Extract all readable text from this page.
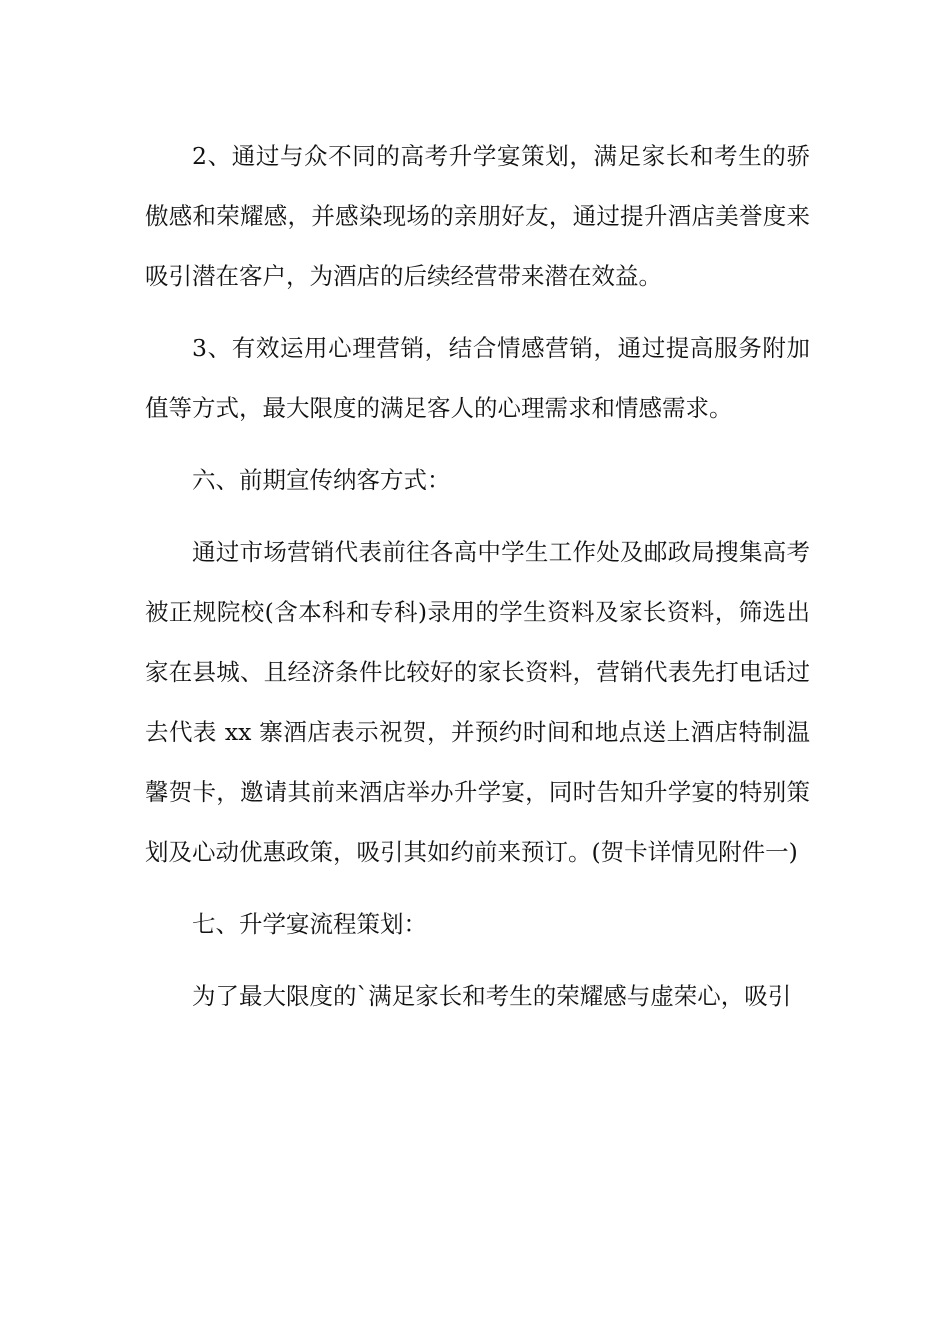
2、通过与众不同的高考升学宴策划，满足家长和考生的骄傲感和荣耀感，并感染现场的亲朋好友，通过提升酒店美誉度来吸引潜在客户，为酒店的后续经营带来潜在效益。

3、有效运用心理营销，结合情感营销，通过提高服务附加值等方式，最大限度的满足客人的心理需求和情感需求。

六、前期宣传纳客方式：

通过市场营销代表前往各高中学生工作处及邮政局搜集高考被正规院校(含本科和专科)录用的学生资料及家长资料，筛选出家在县城、且经济条件比较好的家长资料，营销代表先打电话过去代表 xx 寨酒店表示祝贺，并预约时间和地点送上酒店特制温馨贺卡，邀请其前来酒店举办升学宴，同时告知升学宴的特别策划及心动优惠政策，吸引其如约前来预订。(贺卡详情见附件一)

七、升学宴流程策划：

为了最大限度的`满足家长和考生的荣耀感与虚荣心，吸引
